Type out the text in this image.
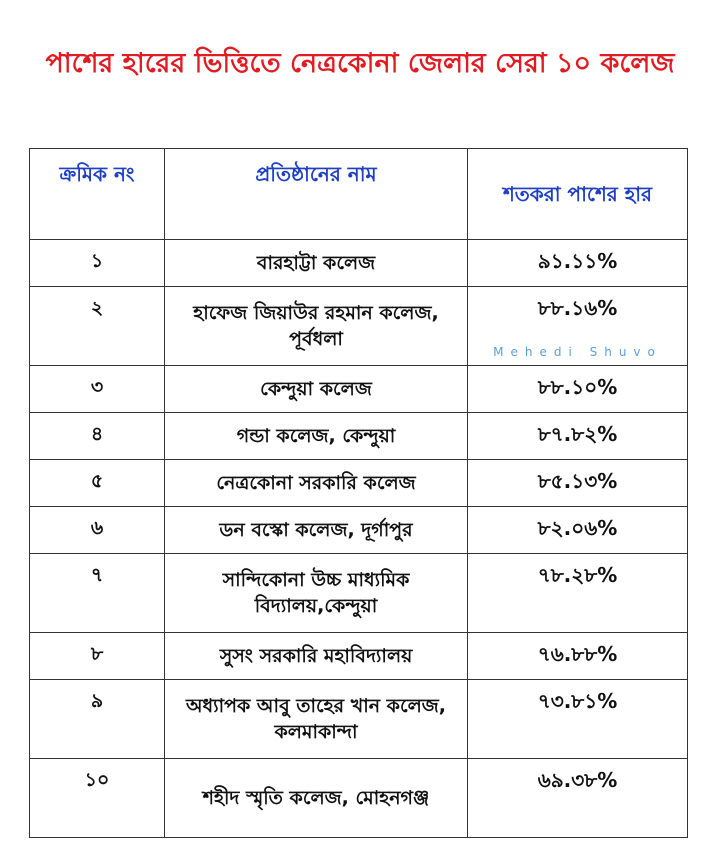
পাশের হারের ভিত্তিতে নেত্রকোনা জেলার সেরা ১০ কলেজ
ক্রমিক নং	প্রতিষ্ঠানের নাম	শতকরা পাশের হার
১	বারহাট্টা কলেজ	৯১.১১%
২	হাফেজ জিয়াউর রহমান কলেজ, পূর্বধলা	৮৮.১৬%
Mehedi Shuvo

৩	কেন্দুয়া কলেজ	৮৮.১০%
৪	গন্ডা কলেজ, কেন্দুয়া	৮৭.৮২%
৫	নেত্রকোনা সরকারি কলেজ	৮৫.১৩%
৬	ডন বস্কো কলেজ, দূর্গাপুর	৮২.০৬%
৭	সান্দিকোনা উচ্চ মাধ্যমিক বিদ্যালয়,কেন্দুয়া	৭৮.২৮%
৮	সুসং সরকারি মহাবিদ্যালয়	৭৬.৮৮%
৯	অধ্যাপক আবু তাহের খান কলেজ, কলমাকান্দা	৭৩.৮১%
১০	শহীদ স্মৃতি কলেজ, মোহনগঞ্জ	৬৯.৩৮%
